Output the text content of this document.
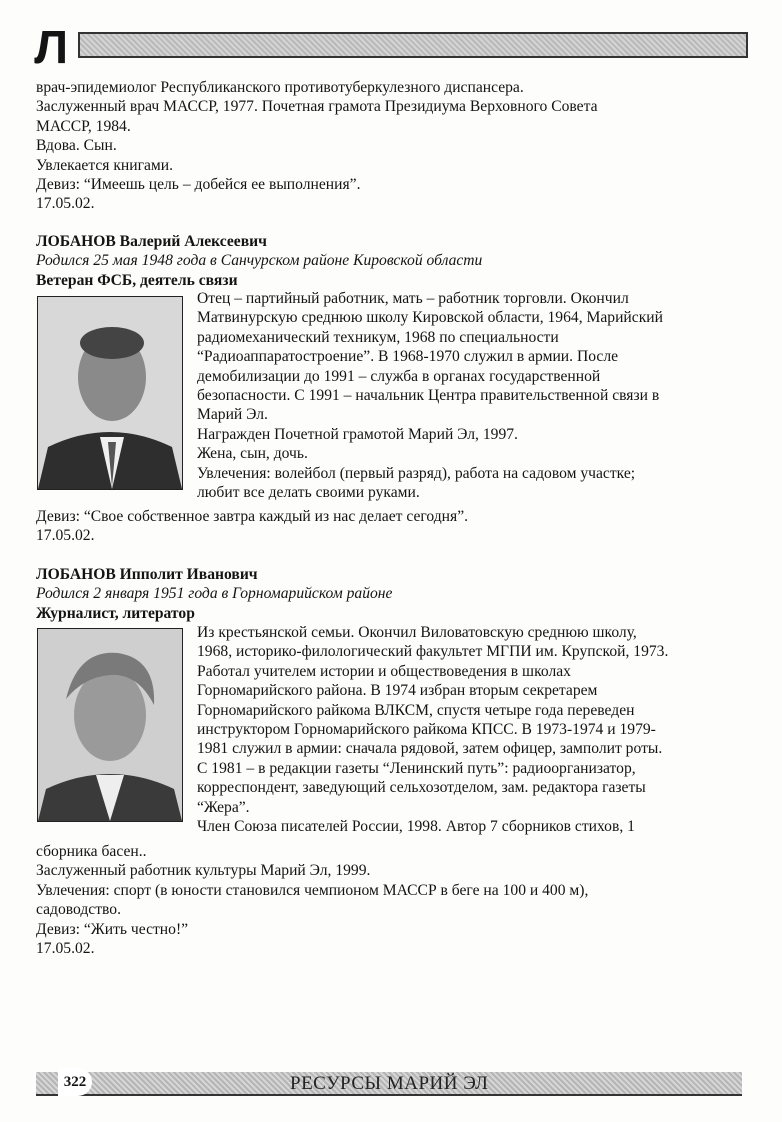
Л
врач-эпидемиолог Республиканского противотуберкулезного диспансера.
Заслуженный врач МАССР, 1977. Почетная грамота Президиума Верховного Совета
МАССР, 1984.
Вдова. Сын.
Увлекается книгами.
Девиз: “Имеешь цель – добейся ее выполнения”.
17.05.02.
ЛОБАНОВ Валерий Алексеевич
Родился 25 мая 1948 года в Санчурском районе Кировской области
Ветеран ФСБ, деятель связи
Отец – партийный работник, мать – работник торговли. Окончил
Матвинурскую среднюю школу Кировской области, 1964, Марийский
радиомеханический техникум, 1968 по специальности
“Радиоаппаратостроение”. В 1968-1970 служил в армии. После
демобилизации до 1991 – служба в органах государственной
безопасности. С 1991 – начальник Центра правительственной связи в
Марий Эл.
Награжден Почетной грамотой Марий Эл, 1997.
Жена, сын, дочь.
Увлечения: волейбол (первый разряд), работа на садовом участке;
любит все делать своими руками.
Девиз: “Свое собственное завтра каждый из нас делает сегодня”.
17.05.02.
ЛОБАНОВ Ипполит Иванович
Родился 2 января 1951 года в Горномарийском районе
Журналист, литератор
Из крестьянской семьи. Окончил Виловатовскую среднюю школу,
1968, историко-филологический факультет МГПИ им. Крупской, 1973.
Работал учителем истории и обществоведения в школах
Горномарийского района. В 1974 избран вторым секретарем
Горномарийского райкома ВЛКСМ, спустя четыре года переведен
инструктором Горномарийского райкома КПСС. В 1973-1974 и 1979-
1981 служил в армии: сначала рядовой, затем офицер, замполит роты.
С 1981 – в редакции газеты “Ленинский путь”: радиоорганизатор,
корреспондент, заведующий сельхозотделом, зам. редактора газеты
“Жера”.
Член Союза писателей России, 1998. Автор 7 сборников стихов, 1
сборника басен..
Заслуженный работник культуры Марий Эл, 1999.
Увлечения: спорт (в юности становился чемпионом МАССР в беге на 100 и 400 м),
садоводство.
Девиз: “Жить честно!”
17.05.02.
322	РЕСУРСЫ МАРИЙ ЭЛ
